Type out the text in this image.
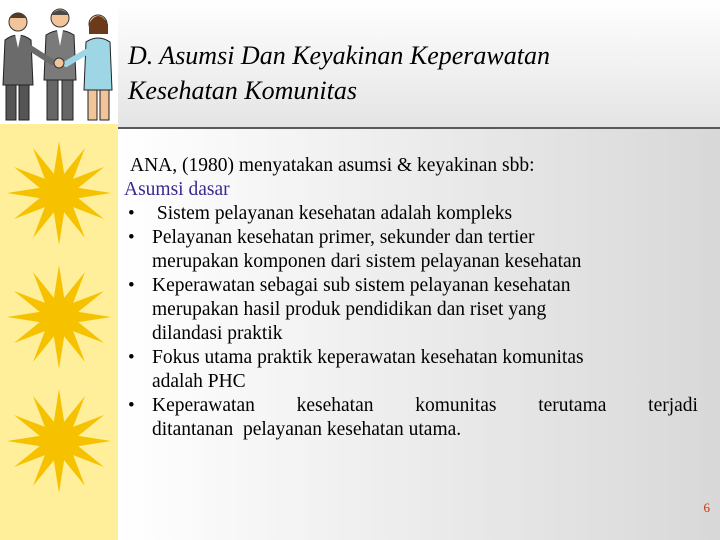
D. Asumsi Dan Keyakinan Keperawatan
Kesehatan Komunitas
ANA, (1980) menyatakan asumsi & keyakinan sbb:
Asumsi dasar
•  Sistem pelayanan kesehatan adalah kompleks
• Pelayanan kesehatan primer, sekunder dan tertier
merupakan komponen dari sistem pelayanan kesehatan
• Keperawatan sebagai sub sistem pelayanan kesehatan
merupakan hasil produk pendidikan dan riset yang
dilandasi praktik
• Fokus utama praktik keperawatan kesehatan komunitas
adalah PHC
• Keperawatan kesehatan komunitas terutama terjadi
ditantanan  pelayanan kesehatan utama.
6
